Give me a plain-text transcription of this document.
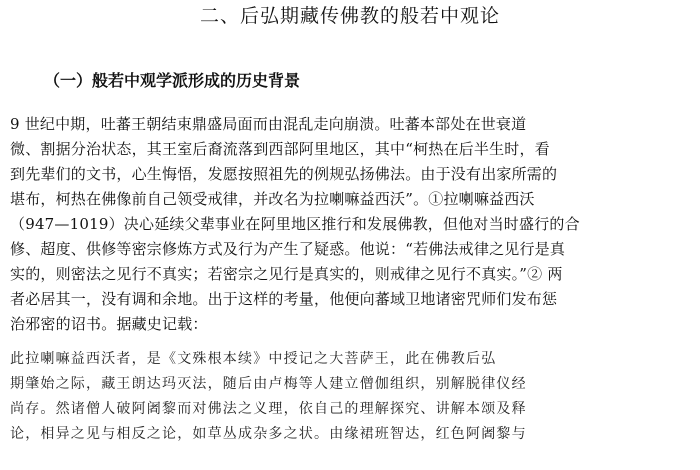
二、后弘期藏传佛教的般若中观论
（一）般若中观学派形成的历史背景
9 世纪中期，吐蕃王朝结束鼎盛局面而由混乱走向崩溃。吐蕃本部处在世衰道
微、割据分治状态，其王室后裔流落到西部阿里地区，其中“柯热在后半生时，看
到先辈们的文书，心生悔悟，发愿按照祖先的例规弘扬佛法。由于没有出家所需的
堪布，柯热在佛像前自己领受戒律，并改名为拉喇嘛益西沃”。①拉喇嘛益西沃
（947—1019）决心延续父辈事业在阿里地区推行和发展佛教，但他对当时盛行的合
修、超度、供修等密宗修炼方式及行为产生了疑惑。他说：“若佛法戒律之见行是真
实的，则密法之见行不真实；若密宗之见行是真实的，则戒律之见行不真实。”② 两
者必居其一，没有调和余地。出于这样的考量，他便向蕃域卫地诸密咒师们发布惩
治邪密的诏书。据藏史记载：
此拉喇嘛益西沃者，是《文殊根本续》中授记之大菩萨王，此在佛教后弘
期肇始之际，藏王朗达玛灭法，随后由卢梅等人建立僧伽组织，别解脱律仪经
尚存。然诸僧人破阿阇黎而对佛法之义理，依自己的理解探究、讲解本颂及释
论，相异之见与相反之论，如草丛成杂多之状。由缘裙班智达，红色阿阇黎与
